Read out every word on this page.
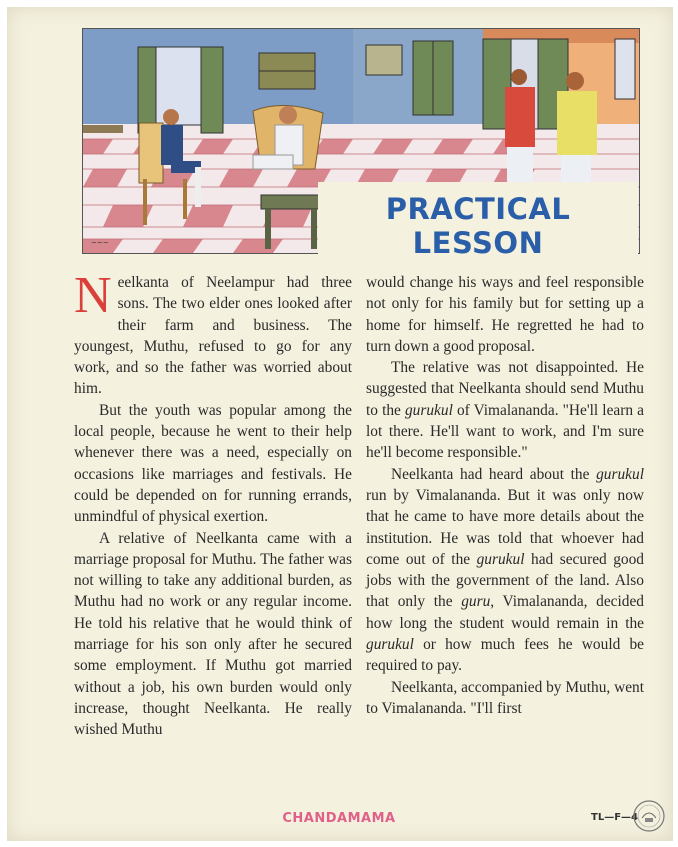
~~~
PRACTICAL LESSON

Neelkanta of Neelampur had three sons. The two elder ones looked after their farm and business. The youngest, Muthu, refused to go for any work, and so the father was worried about him.

But the youth was popular among the local people, because he went to their help whenever there was a need, especially on occasions like marriages and festivals. He could be depended on for running errands, unmindful of physical exertion.

A relative of Neelkanta came with a marriage proposal for Muthu. The father was not willing to take any additional burden, as Muthu had no work or any regular income. He told his relative that he would think of marriage for his son only after he secured some employment. If Muthu got married without a job, his own burden would only increase, thought Neelkanta. He really wished Muthu

would change his ways and feel responsible not only for his family but for setting up a home for himself. He regretted he had to turn down a good proposal.

The relative was not disappointed. He suggested that Neelkanta should send Muthu to the gurukul of Vimalananda. "He'll learn a lot there. He'll want to work, and I'm sure he'll become responsible."

Neelkanta had heard about the gurukul run by Vimalananda. But it was only now that he came to have more details about the institution. He was told that whoever had come out of the gurukul had secured good jobs with the government of the land. Also that only the guru, Vimalananda, decided how long the student would remain in the gurukul or how much fees he would be required to pay.

Neelkanta, accompanied by Muthu, went to Vimalananda. "I'll first

CHANDAMAMA	TL—F—4
